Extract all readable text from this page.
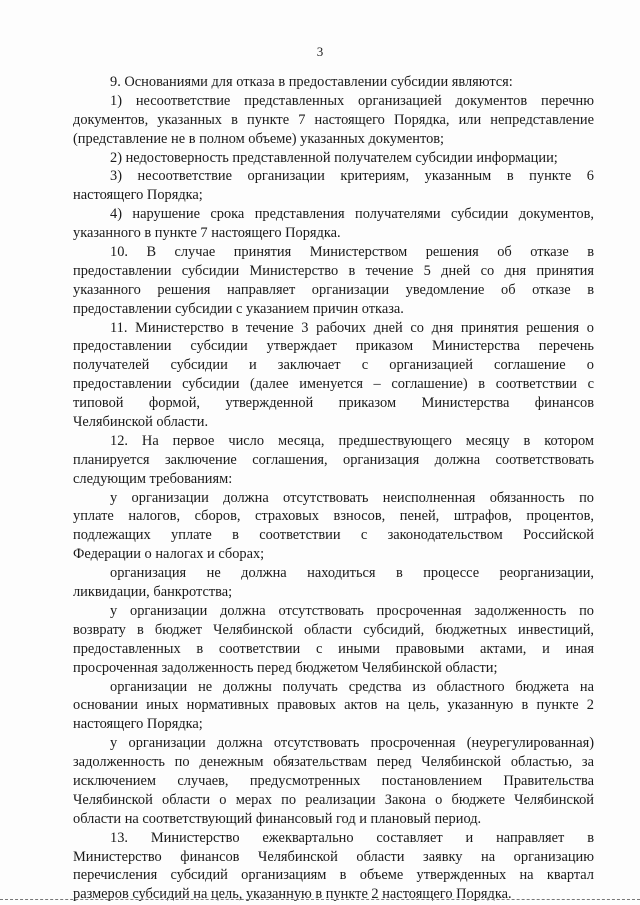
3
9. Основаниями для отказа в предоставлении субсидии являются:
1) несоответствие представленных организацией документов перечню
документов, указанных в пункте 7 настоящего Порядка, или непредставление
(представление не в полном объеме) указанных документов;
2) недостоверность представленной получателем субсидии информации;
3) несоответствие организации критериям, указанным в пункте 6
настоящего Порядка;
4) нарушение срока представления получателями субсидии документов,
указанного в пункте 7 настоящего Порядка.
10. В случае принятия Министерством решения об отказе в
предоставлении субсидии Министерство в течение 5 дней со дня принятия
указанного решения направляет организации уведомление об отказе в
предоставлении субсидии с указанием причин отказа.
11. Министерство в течение 3 рабочих дней со дня принятия решения о
предоставлении субсидии утверждает приказом Министерства перечень
получателей субсидии и заключает с организацией соглашение о
предоставлении субсидии (далее именуется – соглашение) в соответствии с
типовой формой, утвержденной приказом Министерства финансов
Челябинской области.
12. На первое число месяца, предшествующего месяцу в котором
планируется заключение соглашения, организация должна соответствовать
следующим требованиям:
у организации должна отсутствовать неисполненная обязанность по
уплате налогов, сборов, страховых взносов, пеней, штрафов, процентов,
подлежащих уплате в соответствии с законодательством Российской
Федерации о налогах и сборах;
организация не должна находиться в процессе реорганизации,
ликвидации, банкротства;
у организации должна отсутствовать просроченная задолженность по
возврату в бюджет Челябинской области субсидий, бюджетных инвестиций,
предоставленных в соответствии с иными правовыми актами, и иная
просроченная задолженность перед бюджетом Челябинской области;
организации не должны получать средства из областного бюджета на
основании иных нормативных правовых актов на цель, указанную в пункте 2
настоящего Порядка;
у организации должна отсутствовать просроченная (неурегулированная)
задолженность по денежным обязательствам перед Челябинской областью, за
исключением случаев, предусмотренных постановлением Правительства
Челябинской области о мерах по реализации Закона о бюджете Челябинской
области на соответствующий финансовый год и плановый период.
13. Министерство ежеквартально составляет и направляет в
Министерство финансов Челябинской области заявку на организацию
перечисления субсидий организациям в объеме утвержденных на квартал
размеров субсидий на цель, указанную в пункте 2 настоящего Порядка.
